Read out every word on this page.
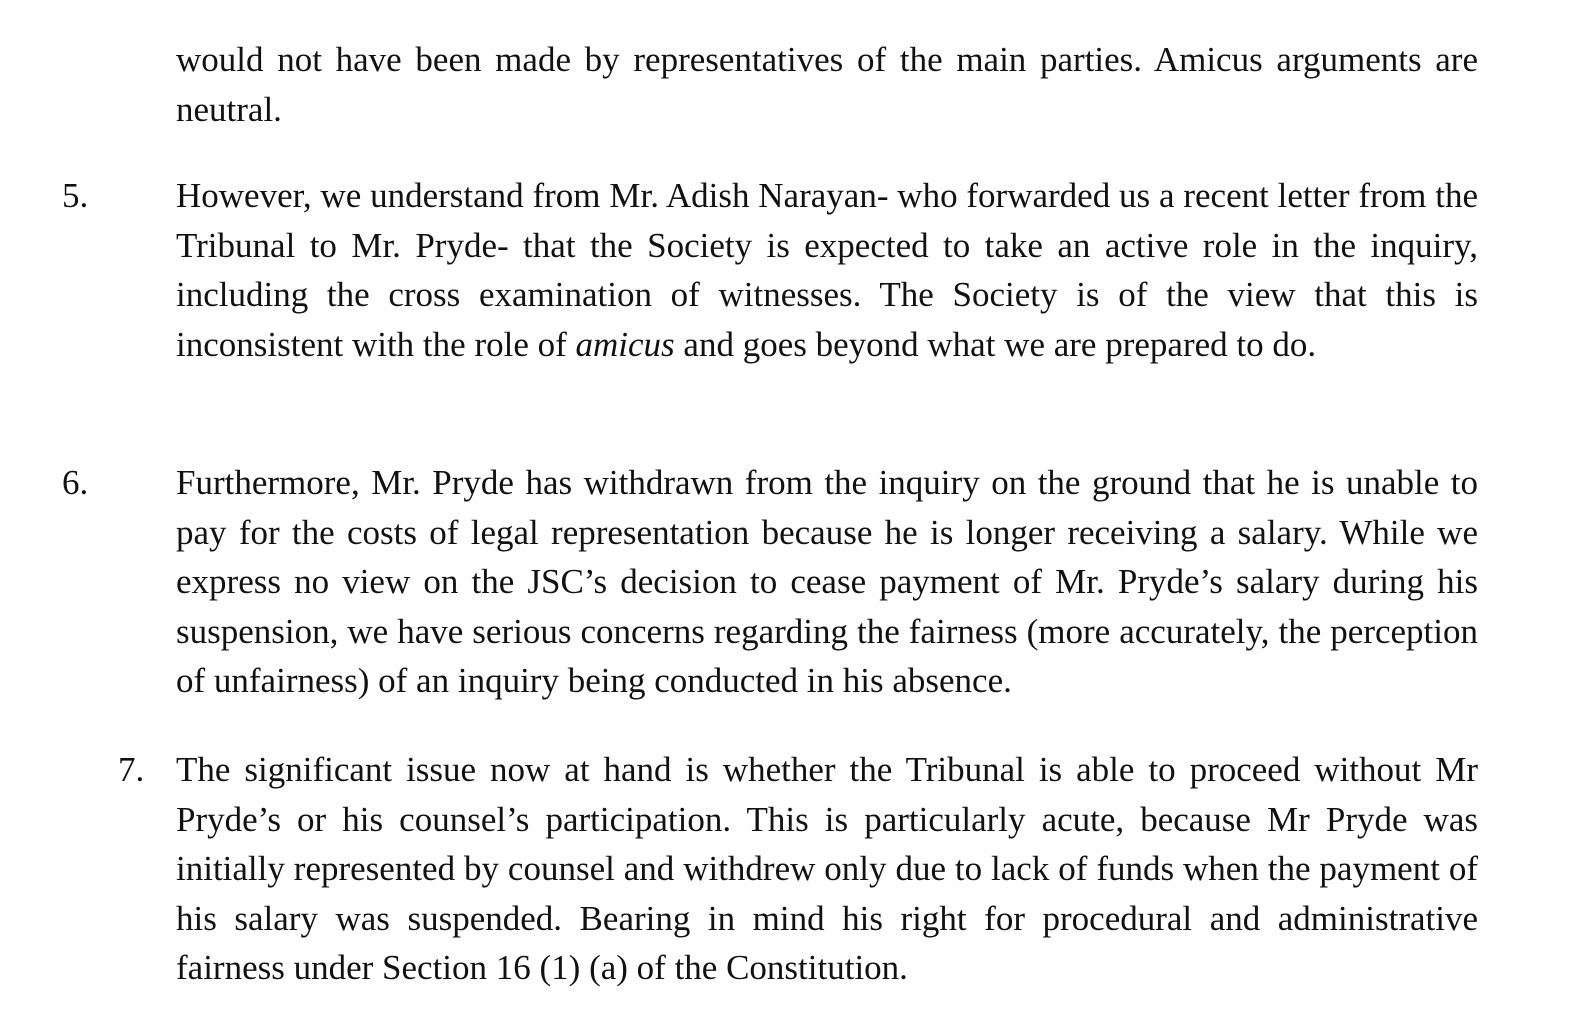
would not have been made by representatives of the main parties. Amicus arguments are neutral.

5.	However, we understand from Mr. Adish Narayan- who forwarded us a recent letter from the Tribunal to Mr. Pryde- that the Society is expected to take an active role in the inquiry, including the cross examination of witnesses. The Society is of the view that this is inconsistent with the role of amicus and goes beyond what we are prepared to do.

6.	Furthermore, Mr. Pryde has withdrawn from the inquiry on the ground that he is unable to pay for the costs of legal representation because he is longer receiving a salary. While we express no view on the JSC’s decision to cease payment of Mr. Pryde’s salary during his suspension, we have serious concerns regarding the fairness (more accurately, the perception of unfairness) of an inquiry being conducted in his absence.

7. The significant issue now at hand is whether the Tribunal is able to proceed without Mr Pryde’s or his counsel’s participation. This is particularly acute, because Mr Pryde was initially represented by counsel and withdrew only due to lack of funds when the payment of his salary was suspended. Bearing in mind his right for procedural and administrative fairness under Section 16 (1) (a) of the Constitution.
